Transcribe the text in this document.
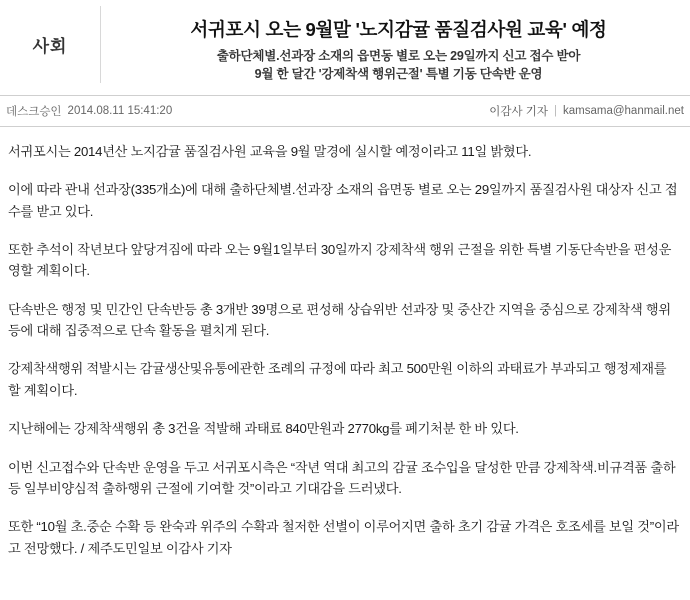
사회
서귀포시 오는 9월말 '노지감귤 품질검사원 교육' 예정
출하단체별.선과장 소재의 읍면동 별로 오는 29일까지 신고 접수 받아
9월 한 달간 '강제착색 행위근절' 특별 기동 단속반 운영
데스크승인 2014.08.11 15:41:20	이감사 기자 | kamsama@hanmail.net

서귀포시는 2014년산 노지감귤 품질검사원 교육을 9월 말경에 실시할 예정이라고 11일 밝혔다.

이에 따라 관내 선과장(335개소)에 대해 출하단체별.선과장 소재의 읍면동 별로 오는 29일까지 품질검사원 대상자 신고 접수를 받고 있다.

또한 추석이 작년보다 앞당겨짐에 따라 오는 9월1일부터 30일까지 강제착색 행위 근절을 위한 특별 기동단속반을 편성운영할 계획이다.

단속반은 행정 및 민간인 단속반등 총 3개반 39명으로 편성해 상습위반 선과장 및 중산간 지역을 중심으로 강제착색 행위 등에 대해 집중적으로 단속 활동을 펼치게 된다.

강제착색행위 적발시는 감귤생산및유통에관한 조례의 규정에 따라 최고 500만원 이하의 과태료가 부과되고 행정제재를 할 계획이다.

지난해에는 강제착색행위 총 3건을 적발해 과태료 840만원과 2770kg를 폐기처분 한 바 있다.

이번 신고접수와 단속반 운영을 두고 서귀포시측은 “작년 역대 최고의 감귤 조수입을 달성한 만큼 강제착색.비규격품 출하 등 일부비양심적 출하행위 근절에 기여할 것”이라고 기대감을 드러냈다.

또한 “10월 초.중순 수확 등 완숙과 위주의 수확과 철저한 선별이 이루어지면 출하 초기 감귤 가격은 호조세를 보일 것”이라고 전망했다. / 제주도민일보 이감사 기자
